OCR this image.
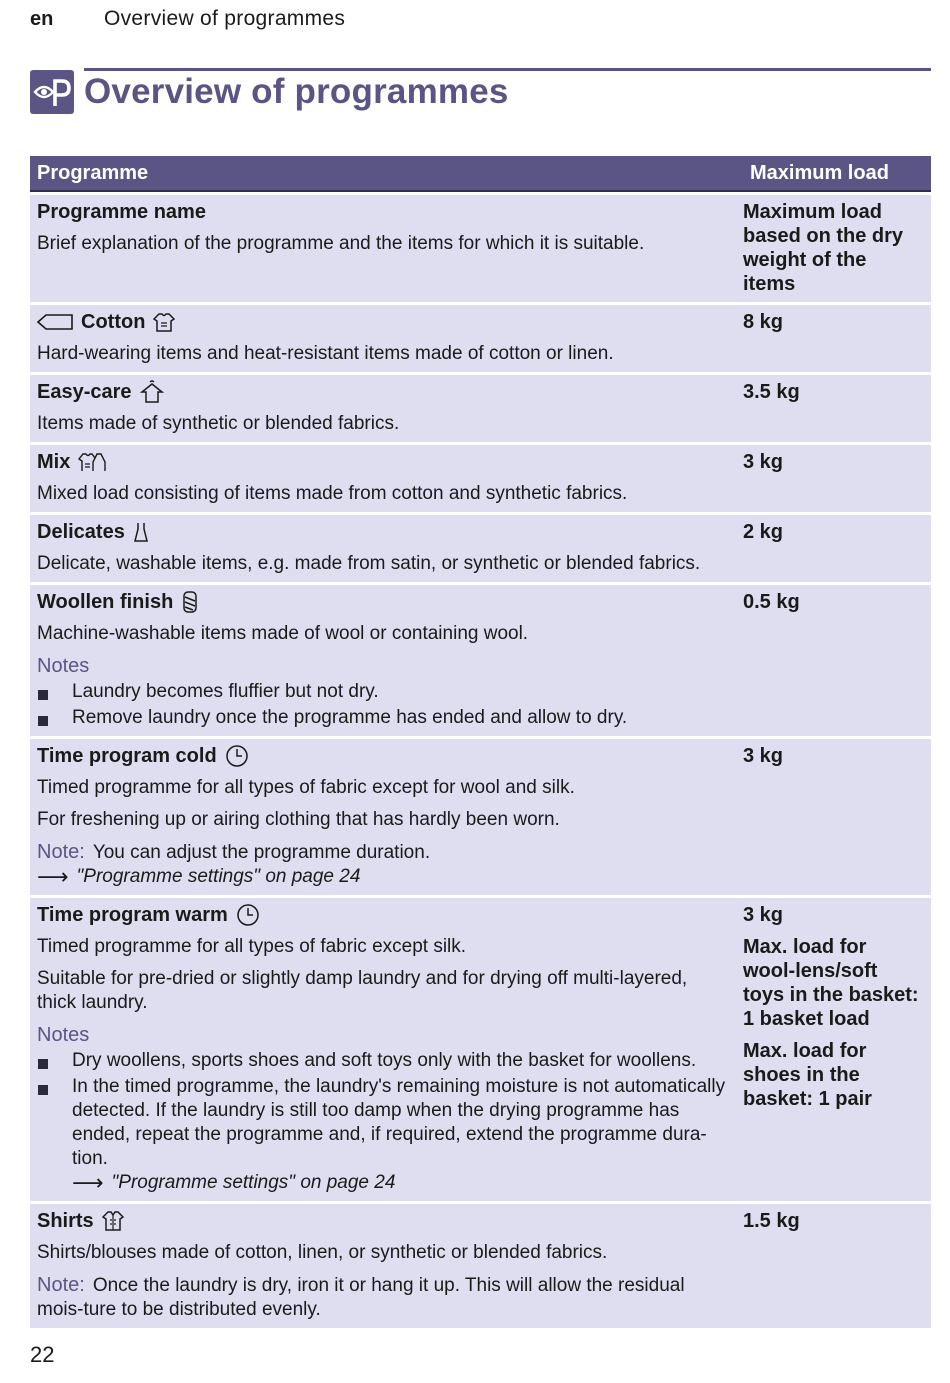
en	Overview of programmes
Overview of programmes
Programme	Maximum load
Programme name
Brief explanation of the programme and the items for which it is suitable.
Maximum load based on the dry weight of the items
Cotton
Hard-wearing items and heat-resistant items made of cotton or linen.
8 kg
Easy-care
Items made of synthetic or blended fabrics.
3.5 kg
Mix
Mixed load consisting of items made from cotton and synthetic fabrics.
3 kg
Delicates
Delicate, washable items, e.g. made from satin, or synthetic or blended fabrics.
2 kg
Woollen finish
Machine-washable items made of wool or containing wool.
Notes
Laundry becomes fluffier but not dry.
Remove laundry once the programme has ended and allow to dry.
0.5 kg
Time program cold
Timed programme for all types of fabric except for wool and silk.
For freshening up or airing clothing that has hardly been worn.
Note: You can adjust the programme duration.
⟶ "Programme settings" on page 24
3 kg
Time program warm
Timed programme for all types of fabric except silk.
Suitable for pre-dried or slightly damp laundry and for drying off multi-layered, thick laundry.
Notes
Dry woollens, sports shoes and soft toys only with the basket for woollens.
In the timed programme, the laundry's remaining moisture is not automatically detected. If the laundry is still too damp when the drying programme has ended, repeat the programme and, if required, extend the programme dura-tion.
⟶ "Programme settings" on page 24
3 kg
Max. load for wool-lens/soft toys in the basket: 1 basket load
Max. load for shoes in the basket: 1 pair
Shirts
Shirts/blouses made of cotton, linen, or synthetic or blended fabrics.
Note: Once the laundry is dry, iron it or hang it up. This will allow the residual mois-ture to be distributed evenly.
1.5 kg
22
